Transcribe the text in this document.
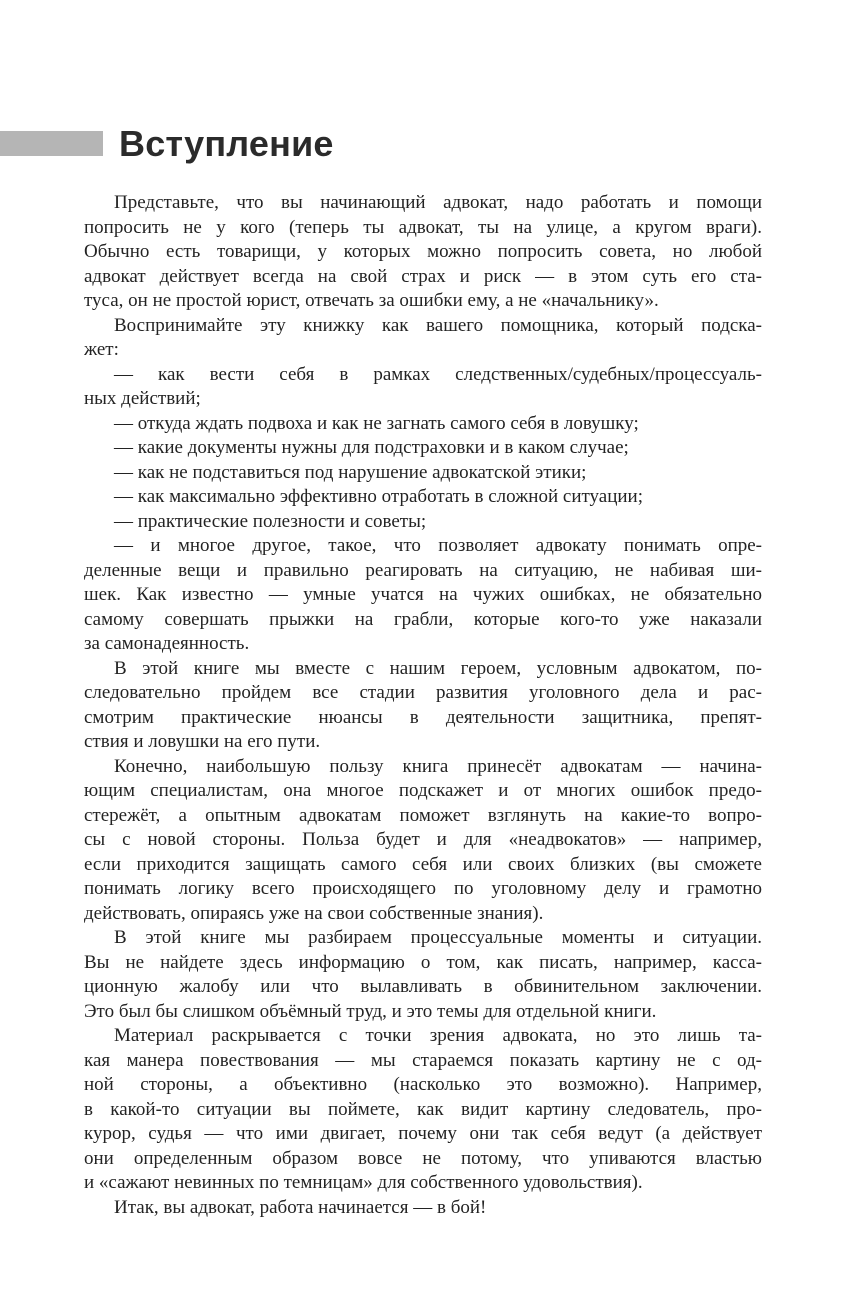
Вступление
Представьте, что вы начинающий адвокат, надо работать и помощи
попросить не у кого (теперь ты адвокат, ты на улице, а кругом враги).
Обычно есть товарищи, у которых можно попросить совета, но любой
адвокат действует всегда на свой страх и риск — в этом суть его ста-
туса, он не простой юрист, отвечать за ошибки ему, а не «начальнику».
Воспринимайте эту книжку как вашего помощника, который подска-
жет:
— как вести себя в рамках следственных/судебных/процессуаль-
ных действий;
— откуда ждать подвоха и как не загнать самого себя в ловушку;
— какие документы нужны для подстраховки и в каком случае;
— как не подставиться под нарушение адвокатской этики;
— как максимально эффективно отработать в сложной ситуации;
— практические полезности и советы;
— и многое другое, такое, что позволяет адвокату понимать опре-
деленные вещи и правильно реагировать на ситуацию, не набивая ши-
шек. Как известно — умные учатся на чужих ошибках, не обязательно
самому совершать прыжки на грабли, которые кого-то уже наказали
за самонадеянность.
В этой книге мы вместе с нашим героем, условным адвокатом, по-
следовательно пройдем все стадии развития уголовного дела и рас-
смотрим практические нюансы в деятельности защитника, препят-
ствия и ловушки на его пути.
Конечно, наибольшую пользу книга принесёт адвокатам — начина-
ющим специалистам, она многое подскажет и от многих ошибок предо-
стережёт, а опытным адвокатам поможет взглянуть на какие-то вопро-
сы с новой стороны. Польза будет и для «неадвокатов» — например,
если приходится защищать самого себя или своих близких (вы сможете
понимать логику всего происходящего по уголовному делу и грамотно
действовать, опираясь уже на свои собственные знания).
В этой книге мы разбираем процессуальные моменты и ситуации.
Вы не найдете здесь информацию о том, как писать, например, касса-
ционную жалобу или что вылавливать в обвинительном заключении.
Это был бы слишком объёмный труд, и это темы для отдельной книги.
Материал раскрывается с точки зрения адвоката, но это лишь та-
кая манера повествования — мы стараемся показать картину не с од-
ной стороны, а объективно (насколько это возможно). Например,
в какой-то ситуации вы поймете, как видит картину следователь, про-
курор, судья — что ими двигает, почему они так себя ведут (а действует
они определенным образом вовсе не потому, что упиваются властью
и «сажают невинных по темницам» для собственного удовольствия).
Итак, вы адвокат, работа начинается — в бой!
